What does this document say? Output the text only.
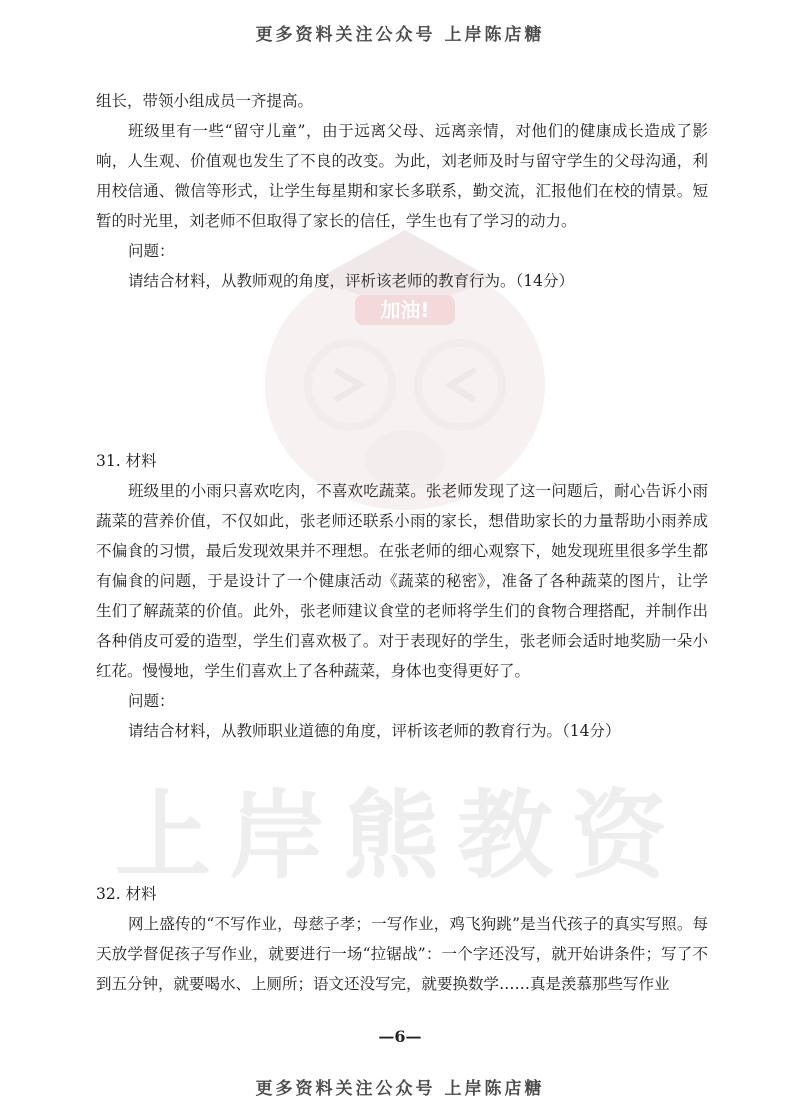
更多资料关注公众号 上岸陈店糖
加油!
上岸熊教资

组长，带领小组成员一齐提高。

班级里有一些“留守儿童”，由于远离父母、远离亲情，对他们的健康成长造成了影响，人生观、价值观也发生了不良的改变。为此，刘老师及时与留守学生的父母沟通，利用校信通、微信等形式，让学生每星期和家长多联系，勤交流，汇报他们在校的情景。短暂的时光里，刘老师不但取得了家长的信任，学生也有了学习的动力。

问题：

请结合材料，从教师观的角度，评析该老师的教育行为。（14分）

31. 材料

班级里的小雨只喜欢吃肉，不喜欢吃蔬菜。张老师发现了这一问题后，耐心告诉小雨蔬菜的营养价值，不仅如此，张老师还联系小雨的家长，想借助家长的力量帮助小雨养成不偏食的习惯，最后发现效果并不理想。在张老师的细心观察下，她发现班里很多学生都有偏食的问题，于是设计了一个健康活动《蔬菜的秘密》，准备了各种蔬菜的图片，让学生们了解蔬菜的价值。此外，张老师建议食堂的老师将学生们的食物合理搭配，并制作出各种俏皮可爱的造型，学生们喜欢极了。对于表现好的学生，张老师会适时地奖励一朵小红花。慢慢地，学生们喜欢上了各种蔬菜，身体也变得更好了。

问题：

请结合材料，从教师职业道德的角度，评析该老师的教育行为。（14分）

32. 材料

网上盛传的“不写作业，母慈子孝；一写作业，鸡飞狗跳”是当代孩子的真实写照。每天放学督促孩子写作业，就要进行一场“拉锯战”：一个字还没写，就开始讲条件；写了不到五分钟，就要喝水、上厕所；语文还没写完，就要换数学……真是羡慕那些写作业

—6—
更多资料关注公众号 上岸陈店糖
